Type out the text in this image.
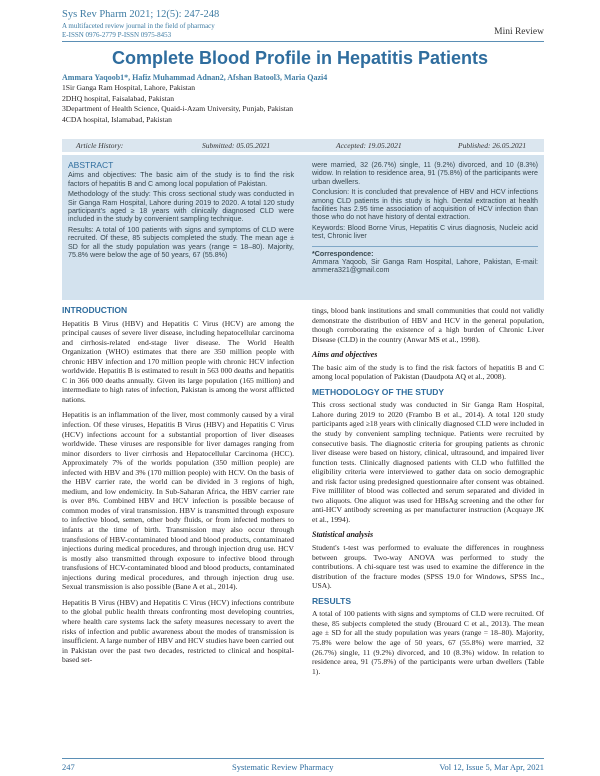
Sys Rev Pharm 2021; 12(5): 247-248
A multifaceted review journal in the field of pharmacy
E-ISSN 0976-2779 P-ISSN 0975-8453	Mini Review
Complete Blood Profile in Hepatitis Patients
Ammara Yaqoob1*, Hafiz Muhammad Adnan2, Afshan Batool3, Maria Qazi4
1Sir Ganga Ram Hospital, Lahore, Pakistan
2DHQ hospital, Faisalabad, Pakistan
3Department of Health Science, Quaid-i-Azam University, Punjab, Pakistan
4CDA hospital, Islamabad, Pakistan
Article History:	Submitted: 05.05.2021	Accepted: 19.05.2021	Published: 26.05.2021
ABSTRACT

Aims and objectives: The basic aim of the study is to find the risk factors of hepatitis B and C among local population of Pakistan.

Methodology of the study: This cross sectional study was conducted in Sir Ganga Ram Hospital, Lahore during 2019 to 2020. A total 120 study participant's aged ≥ 18 years with clinically diagnosed CLD were included in the study by convenient sampling technique.

Results: A total of 100 patients with signs and symptoms of CLD were recruited. Of these, 85 subjects completed the study. The mean age ± SD for all the study population was years (range = 18–80). Majority, 75.8% were below the age of 50 years, 67 (55.8%)

were married, 32 (26.7%) single, 11 (9.2%) divorced, and 10 (8.3%) widow. In relation to residence area, 91 (75.8%) of the participants were urban dwellers.

Conclusion: It is concluded that prevalence of HBV and HCV infections among CLD patients in this study is high. Dental extraction at health facilities has 2.95 time association of acquisition of HCV infection than those who do not have history of dental extraction.

Keywords: Blood Borne Virus, Hepatitis C virus diagnosis, Nucleic acid test, Chronic liver

*Correspondence:

Ammara Yaqoob, Sir Ganga Ram Hospital, Lahore, Pakistan, E-mail: ammera321@gmail.com

INTRODUCTION

Hepatitis B Virus (HBV) and Hepatitis C Virus (HCV) are among the principal causes of severe liver disease, including hepatocellular carcinoma and cirrhosis-related end-stage liver disease. The World Health Organization (WHO) estimates that there are 350 million people with chronic HBV infection and 170 million people with chronic HCV infection worldwide. Hepatitis B is estimated to result in 563 000 deaths and hepatitis C in 366 000 deaths annually. Given its large population (165 million) and intermediate to high rates of infection, Pakistan is among the worst afflicted nations.

Hepatitis is an inflammation of the liver, most commonly caused by a viral infection. Of these viruses, Hepatitis B Virus (HBV) and Hepatitis C Virus (HCV) infections account for a substantial proportion of liver diseases worldwide. These viruses are responsible for liver damages ranging from minor disorders to liver cirrhosis and Hepatocellular Carcinoma (HCC). Approximately 7% of the worlds population (350 million people) are infected with HBV and 3% (170 million people) with HCV. On the basis of the HBV carrier rate, the world can be divided in 3 regions of high, medium, and low endemicity. In Sub-Saharan Africa, the HBV carrier rate is over 8%. Combined HBV and HCV infection is possible because of common modes of viral transmission. HBV is transmitted through exposure to infective blood, semen, other body fluids, or from infected mothers to infants at the time of birth. Transmission may also occur through transfusions of HBV-contaminated blood and blood products, contaminated injections during medical procedures, and through injection drug use. HCV is mostly also transmitted through exposure to infective blood through transfusions of HCV-contaminated blood and blood products, contaminated injections during medical procedures, and through injection drug use. Sexual transmission is also possible (Bane A et al., 2014).

Hepatitis B Virus (HBV) and Hepatitis C Virus (HCV) infections contribute to the global public health threats confronting most developing countries, where health care systems lack the safety measures necessary to avert the risks of infection and public awareness about the modes of transmission is insufficient. A large number of HBV and HCV studies have been carried out in Pakistan over the past two decades, restricted to clinical and hospital-based set-

tings, blood bank institutions and small communities that could not validly demonstrate the distribution of HBV and HCV in the general population, though corroborating the existence of a high burden of Chronic Liver Disease (CLD) in the country (Anwar MS et al., 1998).

Aims and objectives

The basic aim of the study is to find the risk factors of hepatitis B and C among local population of Pakistan (Daudpota AQ et al., 2008).

METHODOLOGY OF THE STUDY

This cross sectional study was conducted in Sir Ganga Ram Hospital, Lahore during 2019 to 2020 (Frambo B et al., 2014). A total 120 study participants aged ≥18 years with clinically diagnosed CLD were included in the study by convenient sampling technique. Patients were recruited by consecutive basis. The diagnostic criteria for grouping patients as chronic liver disease were based on history, clinical, ultrasound, and impaired liver function tests. Clinically diagnosed patients with CLD who fulfilled the eligibility criteria were interviewed to gather data on socio demographic and risk factor using predesigned questionnaire after consent was obtained. Five milliliter of blood was collected and serum separated and divided in two aliquots. One aliquot was used for HBsAg screening and the other for anti-HCV antibody screening as per manufacturer instruction (Acquaye JK et al., 1994).

Statistical analysis

Student's t-test was performed to evaluate the differences in roughness between groups. Two-way ANOVA was performed to study the contributions. A chi-square test was used to examine the difference in the distribution of the fracture modes (SPSS 19.0 for Windows, SPSS Inc., USA).

RESULTS

A total of 100 patients with signs and symptoms of CLD were recruited. Of these, 85 subjects completed the study (Brouard C et al., 2013). The mean age ± SD for all the study population was years (range = 18–80). Majority, 75.8% were below the age of 50 years, 67 (55.8%) were married, 32 (26.7%) single, 11 (9.2%) divorced, and 10 (8.3%) widow. In relation to residence area, 91 (75.8%) of the participants were urban dwellers (Table 1).

247	Systematic Review Pharmacy	Vol 12, Issue 5, Mar Apr, 2021
